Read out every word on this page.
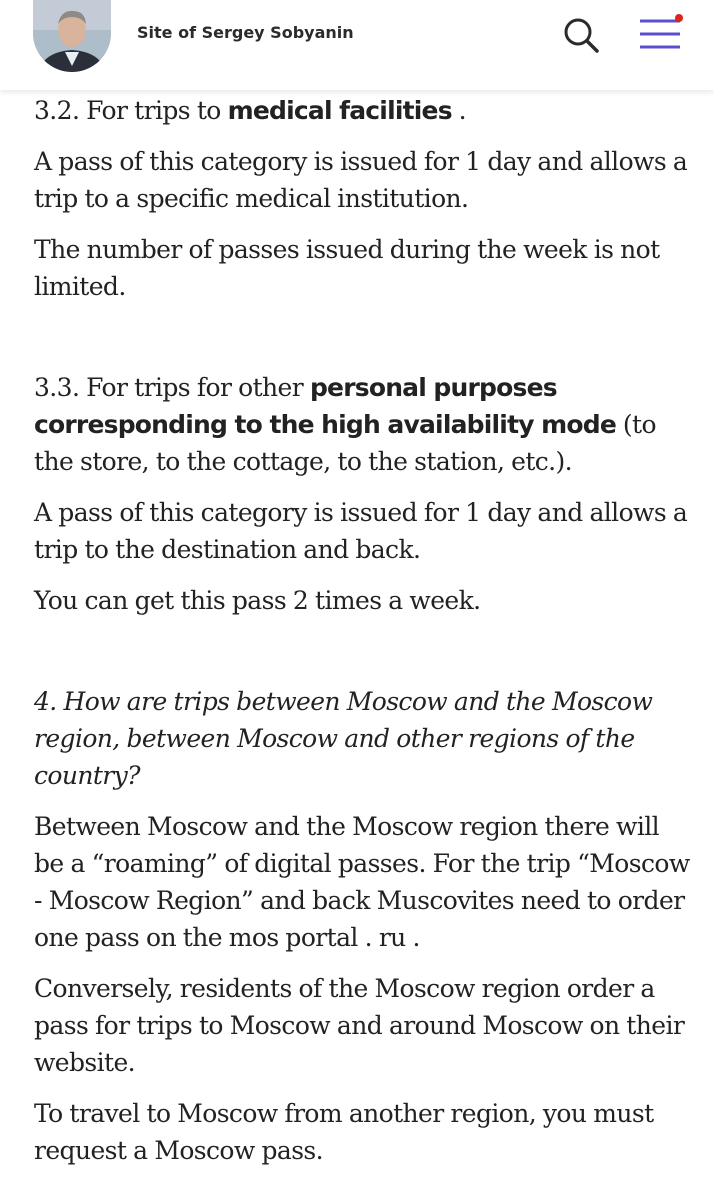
Site of Sergey Sobyanin

3.2. For trips to medical facilities .

A pass of this category is issued for 1 day and allows a trip to a specific medical institution.

The number of passes issued during the week is not limited.

3.3. For trips for other personal purposes corresponding to the high availability mode (to the store, to the cottage, to the station, etc.).

A pass of this category is issued for 1 day and allows a trip to the destination and back.

You can get this pass 2 times a week.

4. How are trips between Moscow and the Moscow region, between Moscow and other regions of the country?

Between Moscow and the Moscow region there will be a “roaming” of digital passes. For the trip “Moscow - Moscow Region” and back Muscovites need to order one pass on the mos portal . ru .

Conversely, residents of the Moscow region order a pass for trips to Moscow and around Moscow on their website.

To travel to Moscow from another region, you must request a Moscow pass.
